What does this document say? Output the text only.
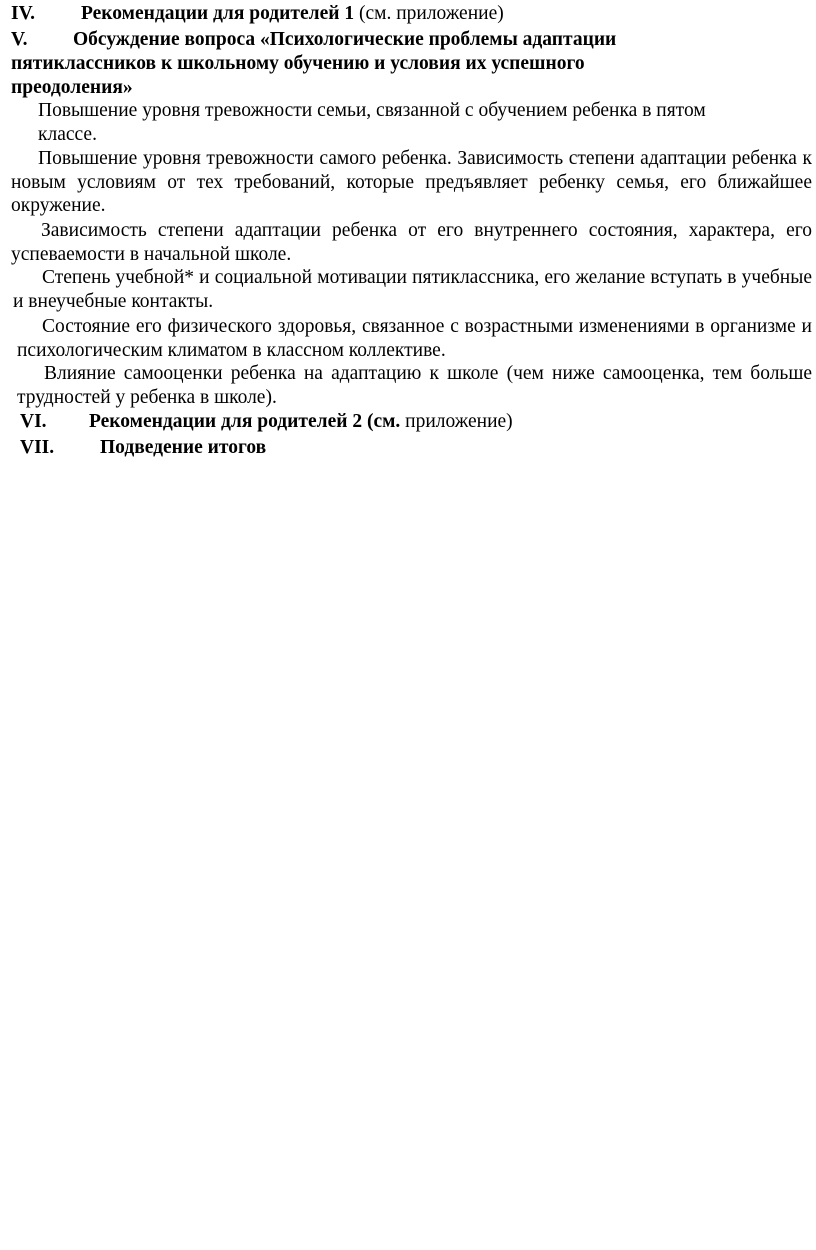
IV. Рекомендации для родителей 1 (см. приложение)
V. Обсуждение вопроса «Психологические проблемы адаптации
пятиклассников к школьному обучению и условия их успешного
преодоления»
Повышение уровня тревожности семьи, связанной с обучением ребенка в пятом
классе.
Повышение уровня тревожности самого ребенка. Зависимость степени адаптации ребенка к новым условиям от тех требований, которые предъявляет ребенку семья, его ближайшее окружение.
Зависимость степени адаптации ребенка от его внутреннего состояния, характера, его успеваемости в начальной школе.
Степень учебной* и социальной мотивации пятиклассника, его желание вступать в учебные и внеучебные контакты.
Состояние его физического здоровья, связанное с возрастными изменениями в организме и психологическим климатом в классном коллективе.
Влияние самооценки ребенка на адаптацию к школе (чем ниже самооценка, тем больше трудностей у ребенка в школе).
VI. Рекомендации для родителей 2 (см. приложение)
VII. Подведение итогов
